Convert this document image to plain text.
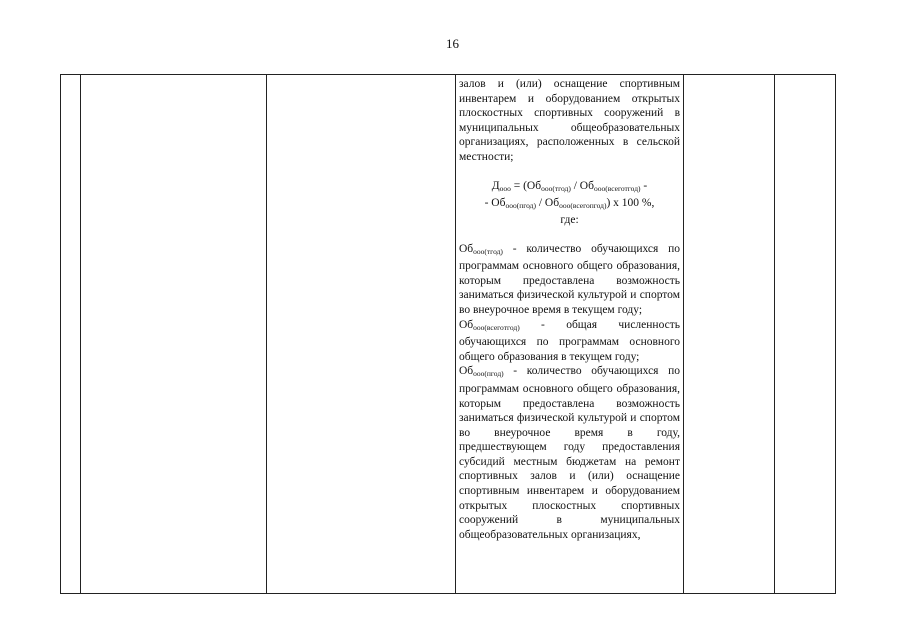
16

залов и (или) оснащение спортивным инвентарем и оборудованием открытых плоскостных спортивных сооружений в муниципальных общеобразовательных организациях, расположенных в сельской местности;

$Д_{ооо} = (Об_{ооо(тгод)} / Об_{ооо(всеготгод)}$ -
- $Об_{ооо(пгод)} / Об_{ооо(всегопгод)}$) x 100 %,
где:

$Об_{ооо(тгод)}$ - количество обучающихся по программам основного общего образования, которым предоставлена возможность заниматься физической культурой и спортом во внеурочное время в текущем году;

$Об_{ооо(всеготгод)}$ - общая численность обучающихся по программам основного общего образования в текущем году;

$Об_{ооо(пгод)}$ - количество обучающихся по программам основного общего образования, которым предоставлена возможность заниматься физической культурой и спортом во внеурочное время в году, предшествующем году предоставления субсидий местным бюджетам на ремонт спортивных залов и (или) оснащение спортивным инвентарем и оборудованием открытых плоскостных спортивных сооружений в муниципальных общеобразовательных организациях,
